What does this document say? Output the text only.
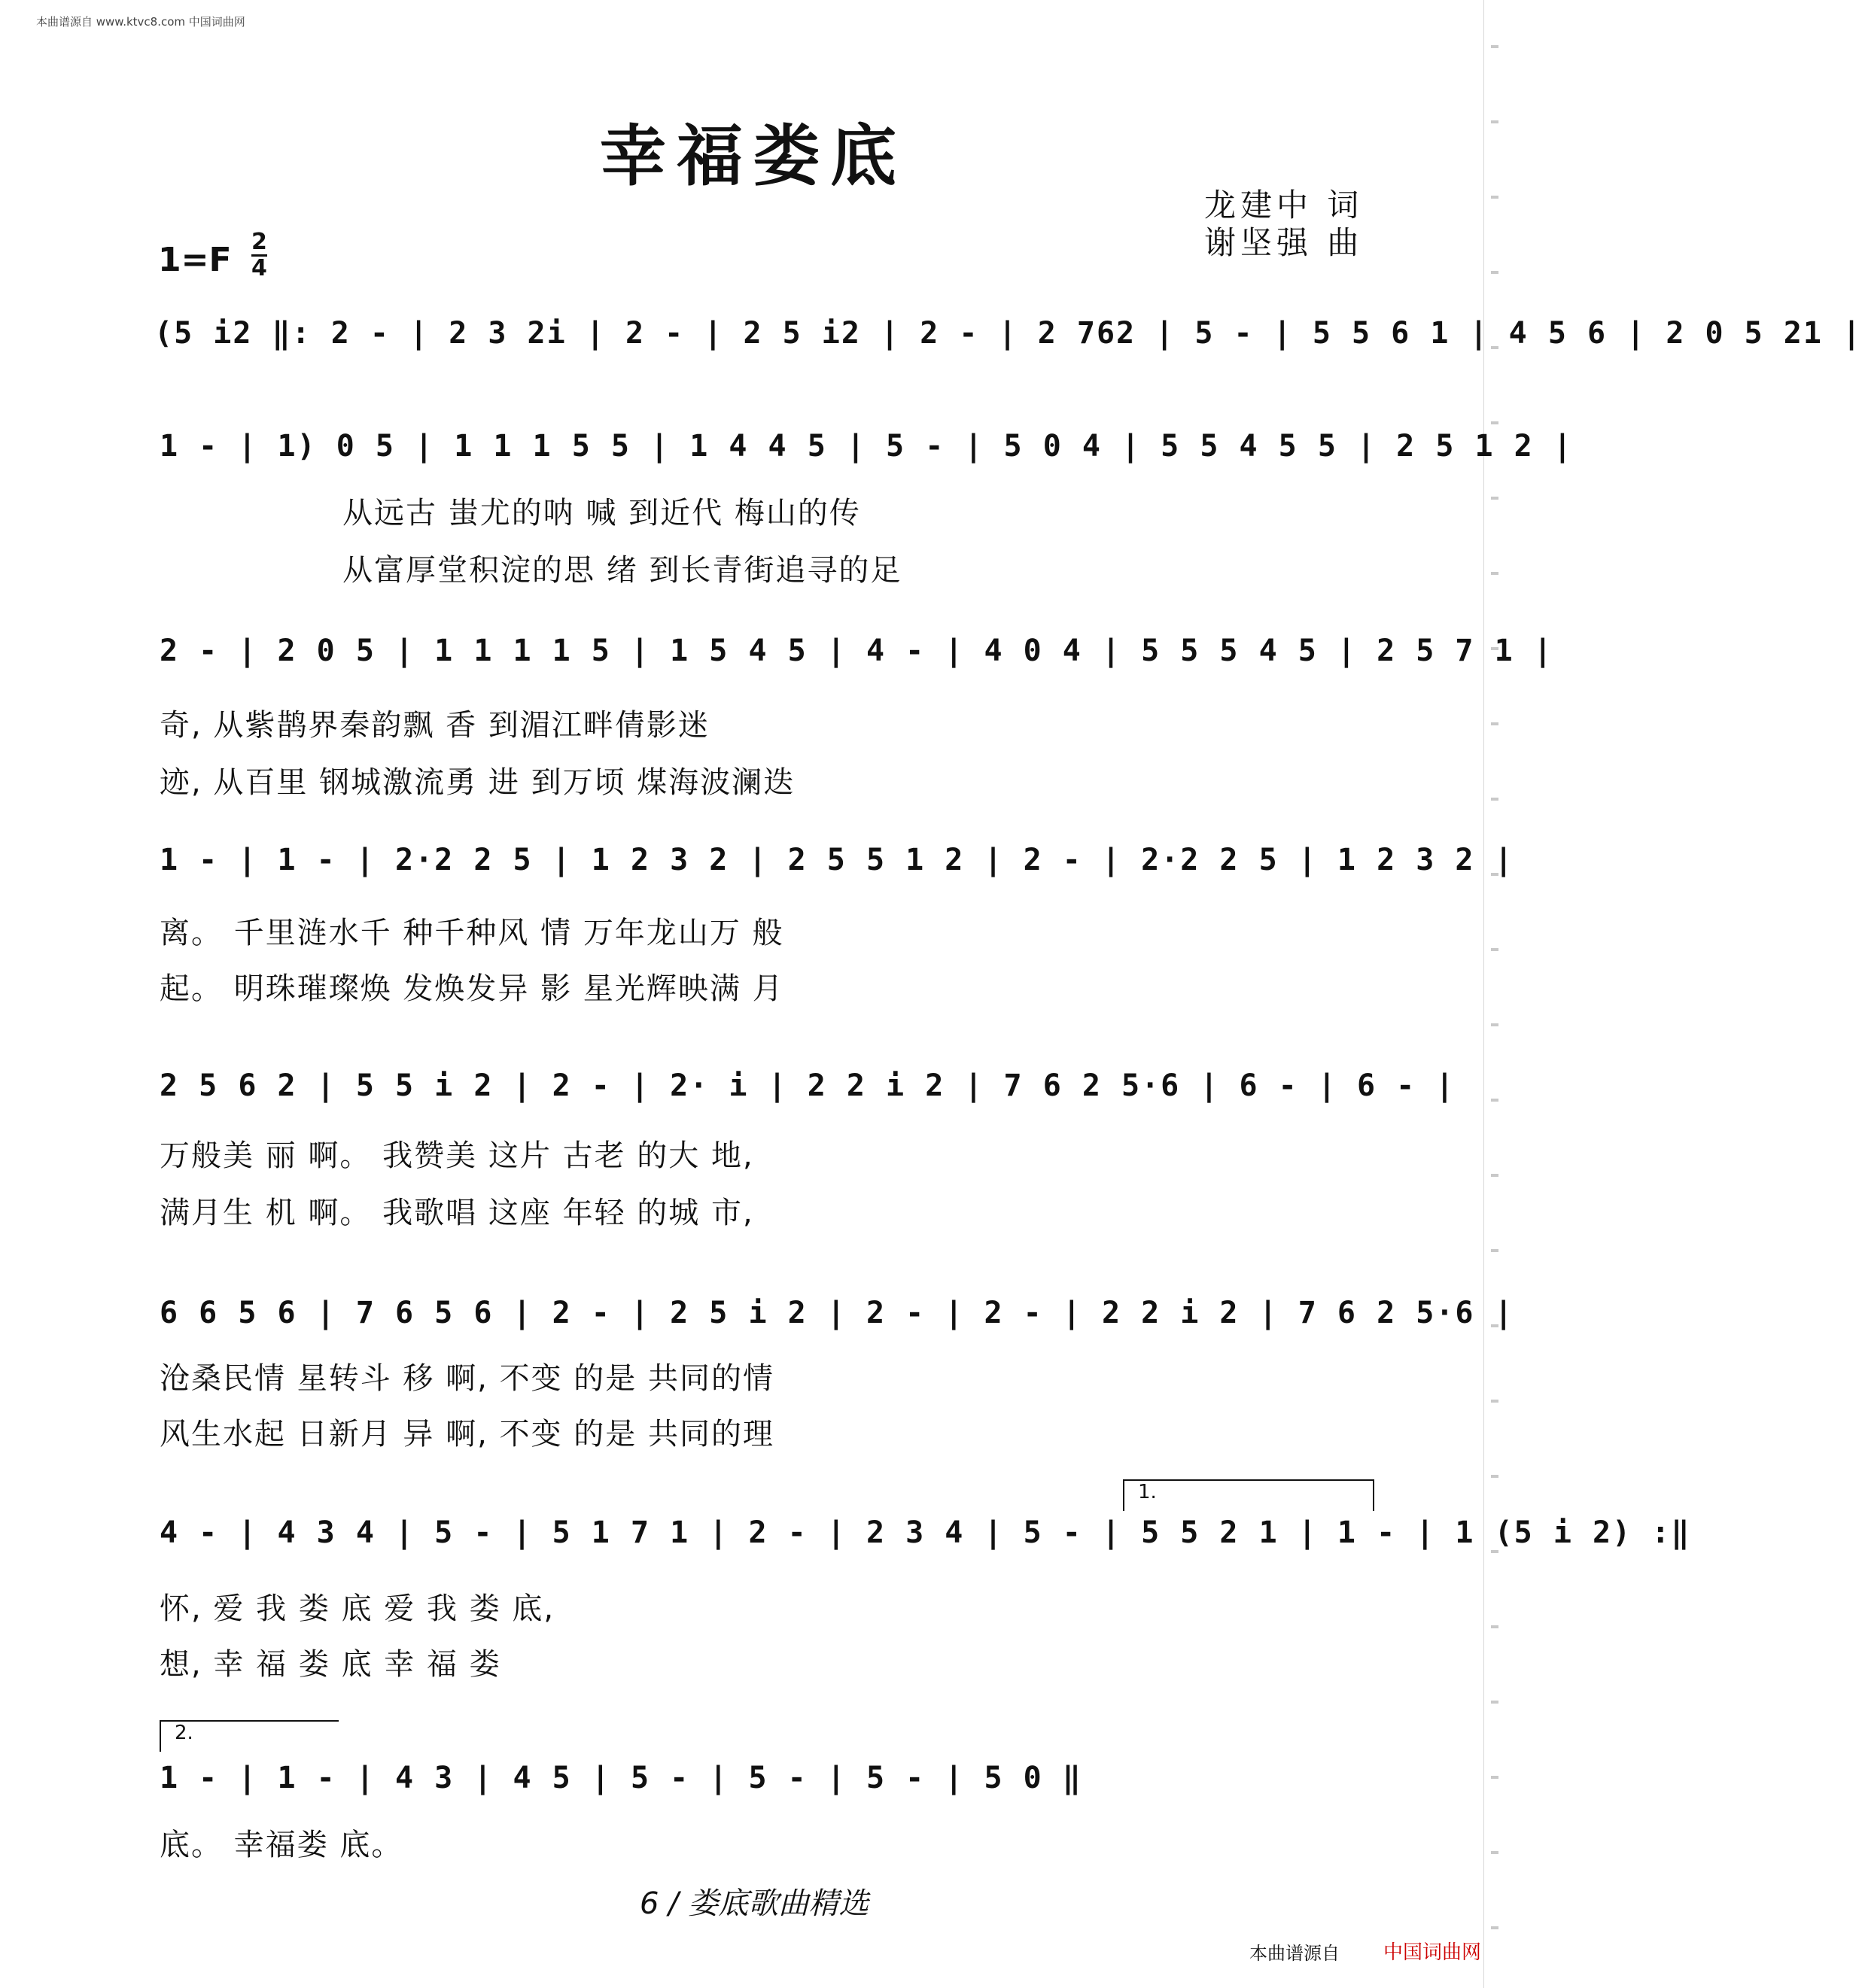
本曲谱源自 www.ktvc8.com 中国词曲网
幸福娄底
龙建中 词
谢坚强 曲
$1=F \frac{2}{4}$
(5 i2 ‖: 2 - | 2 3 2i | 2 - | 2 5 i2 | 2 - | 2 762 | 5 - | 5 5 6 1 | 4 5 6 | 2 0 5 21 |
1 - | 1) 0 5 | 1 1 1 5 5 | 1 4 4 5 | 5 - | 5 0 4 | 5 5 4 5 5 | 2 5 1 2 |
从远古 蚩尤的呐 喊 到近代 梅山的传
从富厚堂积淀的思 绪 到长青街追寻的足
2 - | 2 0 5 | 1 1 1 1 5 | 1 5 4 5 | 4 - | 4 0 4 | 5 5 5 4 5 | 2 5 7 1 |
奇, 从紫鹊界秦韵飘 香 到湄江畔倩影迷
迹, 从百里 钢城激流勇 进 到万顷 煤海波澜迭
1 - | 1 - | 2·2 2 5 | 1 2 3 2 | 2 5 5 1 2 | 2 - | 2·2 2 5 | 1 2 3 2 |
离。 千里涟水千 种千种风 情 万年龙山万 般
起。 明珠璀璨焕 发焕发异 影 星光辉映满 月
2 5 6 2 | 5 5 i 2 | 2 - | 2· i | 2 2 i 2 | 7 6 2 5·6 | 6 - | 6 - |
万般美 丽 啊。 我赞美 这片 古老 的大 地,
满月生 机 啊。 我歌唱 这座 年轻 的城 市,
6 6 5 6 | 7 6 5 6 | 2 - | 2 5 i 2 | 2 - | 2 - | 2 2 i 2 | 7 6 2 5·6 |
沧桑民情 星转斗 移 啊, 不变 的是 共同的情
风生水起 日新月 异 啊, 不变 的是 共同的理
1.
4 - | 4 3 4 | 5 - | 5 1 7 1 | 2 - | 2 3 4 | 5 - | 5 5 2 1 | 1 - | 1 (5 i 2) :‖
怀, 爱 我 娄 底 爱 我 娄 底,
想, 幸 福 娄 底 幸 福 娄
2.
1 - | 1 - | 4 3 | 4 5 | 5 - | 5 - | 5 - | 5 0 ‖
底。 幸福娄 底。
6 / 娄底歌曲精选
本曲谱源自 中国词曲网
